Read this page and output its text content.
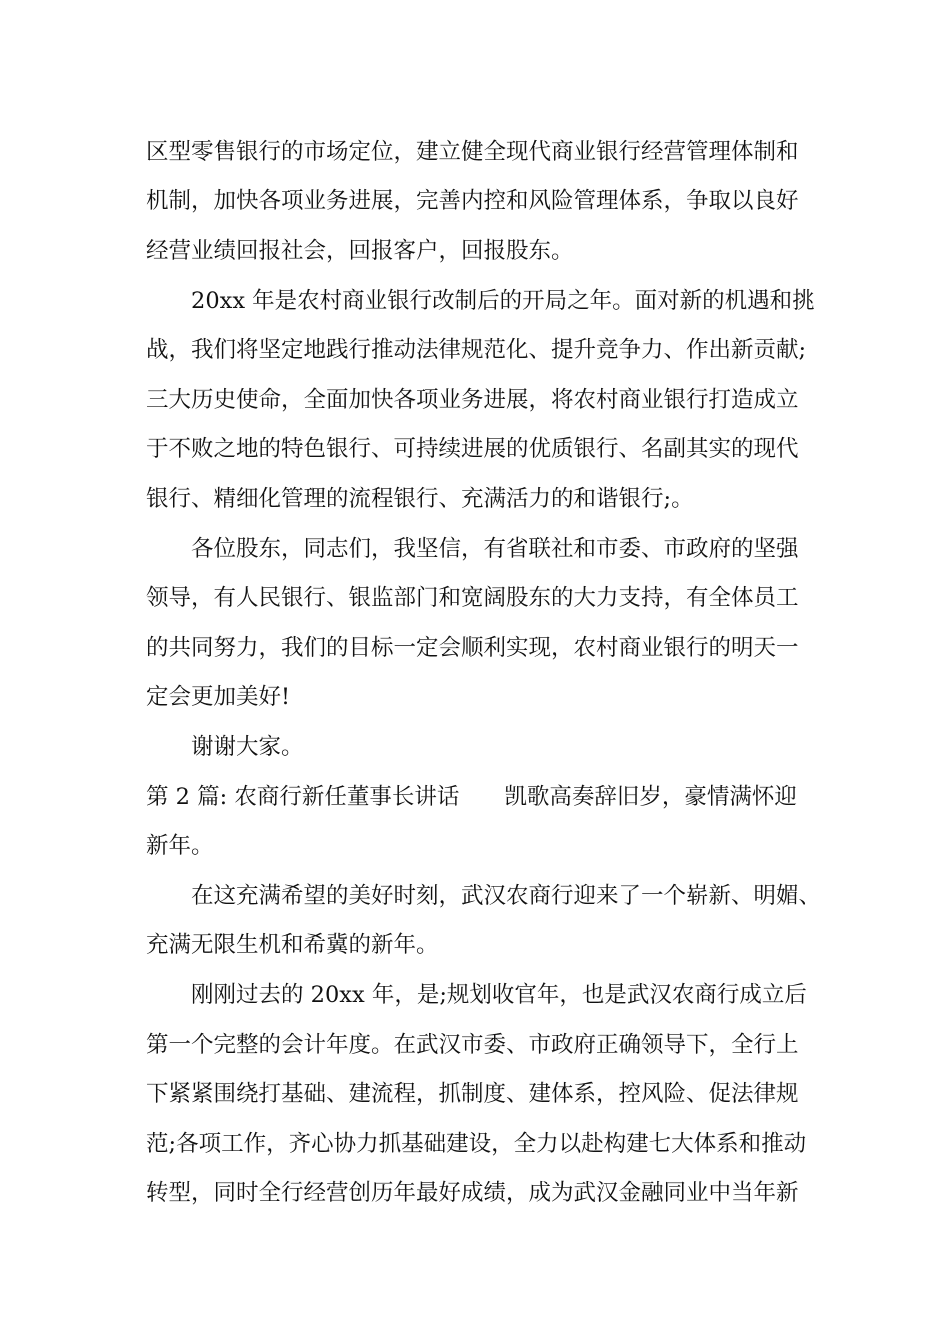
区型零售银行的市场定位，建立健全现代商业银行经营管理体制和
机制，加快各项业务进展，完善内控和风险管理体系，争取以良好
经营业绩回报社会，回报客户，回报股东。
20xx 年是农村商业银行改制后的开局之年。面对新的机遇和挑
战，我们将坚定地践行推动法律规范化、提升竞争力、作出新贡献;
三大历史使命，全面加快各项业务进展，将农村商业银行打造成立
于不败之地的特色银行、可持续进展的优质银行、名副其实的现代
银行、精细化管理的流程银行、充满活力的和谐银行;。
各位股东，同志们，我坚信，有省联社和市委、市政府的坚强
领导，有人民银行、银监部门和宽阔股东的大力支持，有全体员工
的共同努力，我们的目标一定会顺利实现，农村商业银行的明天一
定会更加美好!
谢谢大家。
第 2 篇: 农商行新任董事长讲话　　凯歌高奏辞旧岁，豪情满怀迎
新年。
在这充满希望的美好时刻，武汉农商行迎来了一个崭新、明媚、
充满无限生机和希冀的新年。
刚刚过去的 20xx 年，是;规划收官年，也是武汉农商行成立后
第一个完整的会计年度。在武汉市委、市政府正确领导下，全行上
下紧紧围绕打基础、建流程，抓制度、建体系，控风险、促法律规
范;各项工作，齐心协力抓基础建设，全力以赴构建七大体系和推动
转型，同时全行经营创历年最好成绩，成为武汉金融同业中当年新
